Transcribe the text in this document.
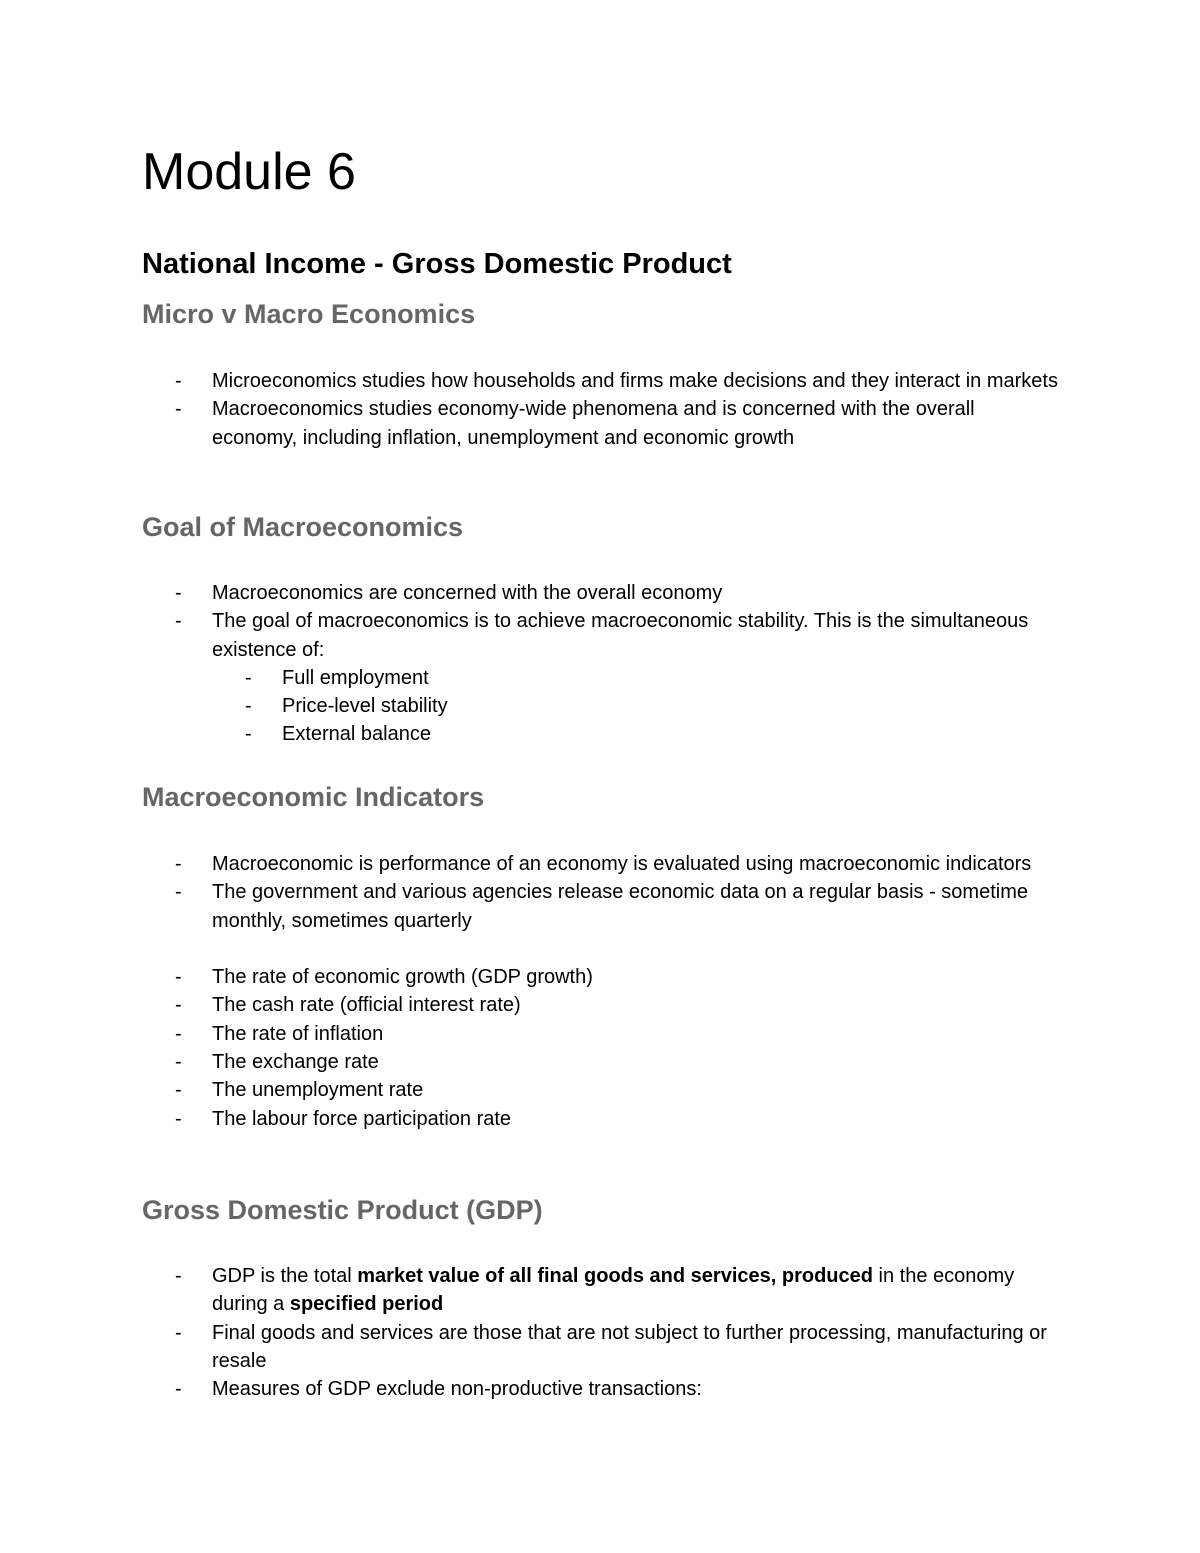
Module 6
National Income - Gross Domestic Product
Micro v Macro Economics
- Microeconomics studies how households and firms make decisions and they interact in markets
- Macroeconomics studies economy-wide phenomena and is concerned with the overall economy, including inflation, unemployment and economic growth
Goal of Macroeconomics
- Macroeconomics are concerned with the overall economy
- The goal of macroeconomics is to achieve macroeconomic stability. This is the simultaneous existence of:
- Full employment
- Price-level stability
- External balance
Macroeconomic Indicators
- Macroeconomic is performance of an economy is evaluated using macroeconomic indicators
- The government and various agencies release economic data on a regular basis - sometime monthly, sometimes quarterly
- The rate of economic growth (GDP growth)
- The cash rate (official interest rate)
- The rate of inflation
- The exchange rate
- The unemployment rate
- The labour force participation rate
Gross Domestic Product (GDP)
- GDP is the total market value of all final goods and services, produced in the economy during a specified period
- Final goods and services are those that are not subject to further processing, manufacturing or resale
- Measures of GDP exclude non-productive transactions:
